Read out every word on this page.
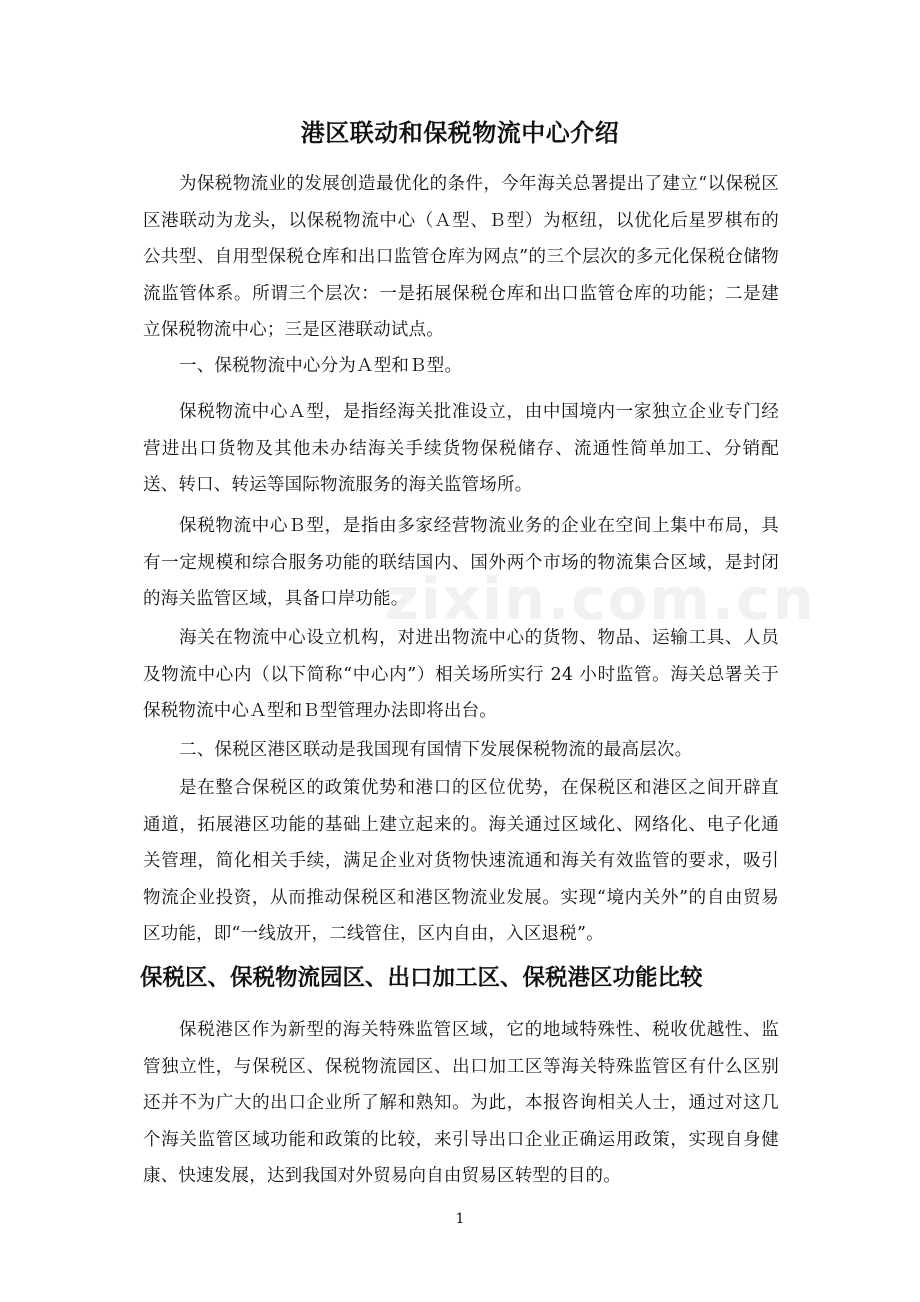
港区联动和保税物流中心介绍

为保税物流业的发展创造最优化的条件，今年海关总署提出了建立“以保税区区港联动为龙头，以保税物流中心（Ａ型、Ｂ型）为枢纽，以优化后星罗棋布的公共型、自用型保税仓库和出口监管仓库为网点”的三个层次的多元化保税仓储物流监管体系。所谓三个层次：一是拓展保税仓库和出口监管仓库的功能；二是建立保税物流中心；三是区港联动试点。

一、保税物流中心分为Ａ型和Ｂ型。

保税物流中心Ａ型，是指经海关批准设立，由中国境内一家独立企业专门经营进出口货物及其他未办结海关手续货物保税储存、流通性简单加工、分销配送、转口、转运等国际物流服务的海关监管场所。

保税物流中心Ｂ型，是指由多家经营物流业务的企业在空间上集中布局，具有一定规模和综合服务功能的联结国内、国外两个市场的物流集合区域，是封闭的海关监管区域，具备口岸功能。

海关在物流中心设立机构，对进出物流中心的货物、物品、运输工具、人员及物流中心内（以下简称“中心内”）相关场所实行 24 小时监管。海关总署关于保税物流中心Ａ型和Ｂ型管理办法即将出台。

二、保税区港区联动是我国现有国情下发展保税物流的最高层次。

是在整合保税区的政策优势和港口的区位优势，在保税区和港区之间开辟直通道，拓展港区功能的基础上建立起来的。海关通过区域化、网络化、电子化通关管理，简化相关手续，满足企业对货物快速流通和海关有效监管的要求，吸引物流企业投资，从而推动保税区和港区物流业发展。实现“境内关外”的自由贸易区功能，即“一线放开，二线管住，区内自由，入区退税”。

保税区、保税物流园区、出口加工区、保税港区功能比较

保税港区作为新型的海关特殊监管区域，它的地域特殊性、税收优越性、监管独立性，与保税区、保税物流园区、出口加工区等海关特殊监管区有什么区别还并不为广大的出口企业所了解和熟知。为此，本报咨询相关人士，通过对这几个海关监管区域功能和政策的比较，来引导出口企业正确运用政策，实现自身健康、快速发展，达到我国对外贸易向自由贸易区转型的目的。

zixin.com.cn
1
